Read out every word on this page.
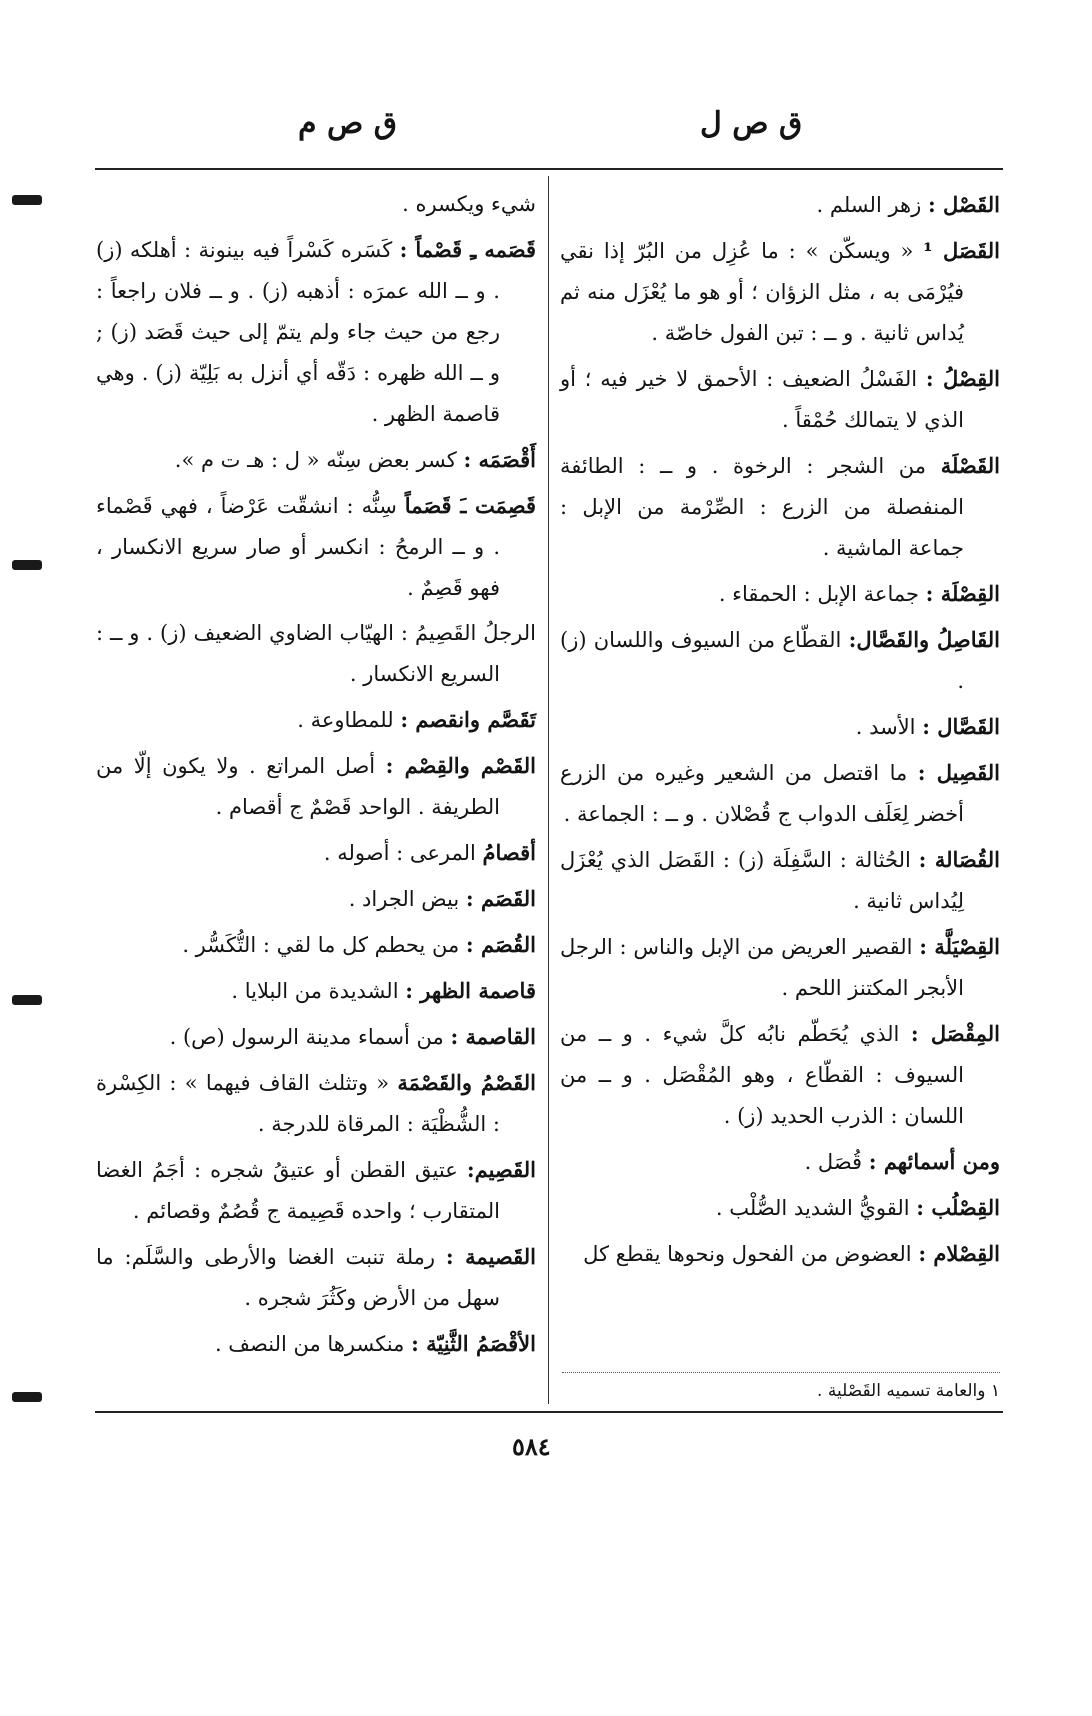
ق ص ل
ق ص م

القَصْل : زهر السلم .

القَصَل ¹ « ويسكّن » : ما عُزِل من البُرّ إذا نقي فيُرْمَى به ، مثل الزؤان ؛ أو هو ما يُعْزَل منه ثم يُداس ثانية . و ــ : تبن الفول خاصّة .

القِصْلُ : الفَسْلُ الضعيف : الأحمق لا خير فيه ؛ أو الذي لا يتمالك حُمْقاً .

القَصْلَة من الشجر : الرخوة . و ــ : الطائفة المنفصلة من الزرع : الصِّرْمة من الإبل : جماعة الماشية .

القِصْلَة : جماعة الإبل : الحمقاء .

القَاصِلُ والقَصَّال: القطّاع من السيوف واللسان (ز) .

القَصَّال : الأسد .

القَصِيل : ما اقتصل من الشعير وغيره من الزرع أخضر لِعَلَف الدواب ج قُصْلان . و ــ : الجماعة .

القُصَالة : الحُثالة : السَّفِلَة (ز) : القَصَل الذي يُعْزَل لِيُداس ثانية .

القِصْيَلَّة : القصير العريض من الإبل والناس : الرجل الأبجر المكتنز اللحم .

المِقْصَل : الذي يُحَطّم نابُه كلَّ شيء . و ــ من السيوف : القطّاع ، وهو المُقْصَل . و ــ من اللسان : الذرب الحديد (ز) .

ومن أسمائهم : قُصَل .

القِصْلُب : القويُّ الشديد الصُّلْب .

القِصْلام : العضوض من الفحول ونحوها يقطع كل

شيء ويكسره .

قَصَمه ـِ قَصْماً : كَسَره كَسْراً فيه بينونة : أهلكه (ز) . و ــ الله عمرَه : أذهبه (ز) . و ــ فلان راجعاً : رجع من حيث جاء ولم يتمّ إلى حيث قَصَد (ز) ; و ــ الله ظهره : دَقّه أي أنزل به بَلِيّة (ز) . وهي قاصمة الظهر .

أَقْصَمَه : كسر بعض سِنّه « ل : هـ ت م ».

قَصِمَت ـَ قَصَماً سِنُّه : انشقّت عَرْضاً ، فهي قَصْماء . و ــ الرمحُ : انكسر أو صار سريع الانكسار ، فهو قَصِمٌ .

الرجلُ القَصِيمُ : الهيّاب الضاوي الضعيف (ز) . و ــ : السريع الانكسار .

تَقَصَّم وانقصم : للمطاوعة .

القَصْم والقِصْم : أصل المراتع . ولا يكون إلّا من الطريفة . الواحد قَصْمٌ ج أقصام .

أقصامُ المرعى : أصوله .

القَصَم : بيض الجراد .

القُصَم : من يحطم كل ما لقي : التُّكَسُّر .

قاصمة الظهر : الشديدة من البلايا .

القاصمة : من أسماء مدينة الرسول (ص) .

القَصْمُ والقَصْمَة « وتثلث القاف فيهما » : الكِسْرة : الشُّظْيَة : المرقاة للدرجة .

القَصِيم: عتيق القطن أو عتيقُ شجره : أجَمُ الغضا المتقارب ؛ واحده قَصِيمة ج قُصُمٌ وقصائم .

القَصيمة : رملة تنبت الغضا والأرطى والسَّلَم: ما سهل من الأرض وكَثُرَ شجره .

الأقْصَمُ الثَّنِيّة : منكسرها من النصف .

١ والعامة تسميه القَصْلية .
٥٨٤
